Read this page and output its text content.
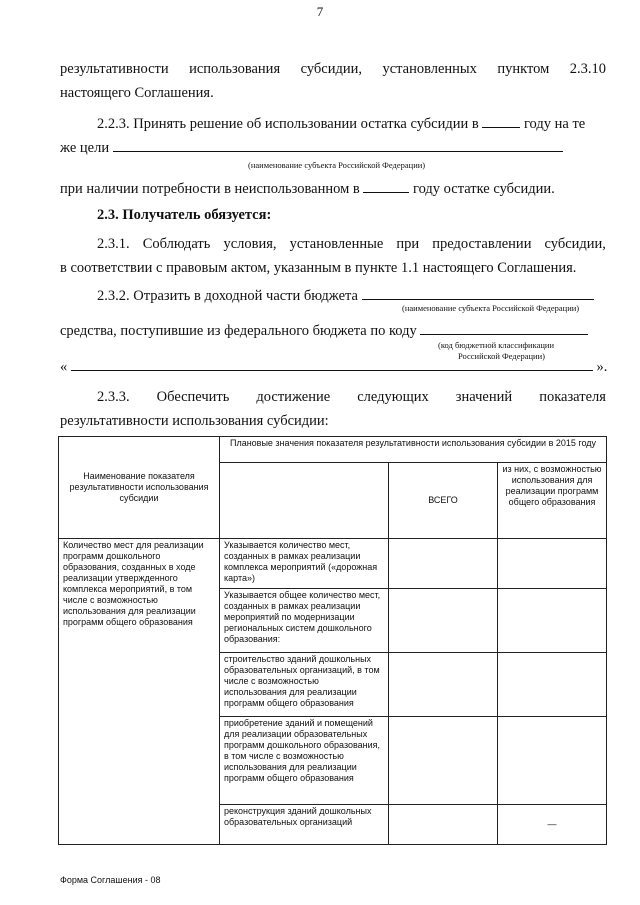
7
результативности использования субсидии, установленных пунктом 2.3.10
настоящего Соглашения.
2.2.3. Принять решение об использовании остатка субсидии в	году на те
же цели
(наименование субъекта Российской Федерации)
при наличии потребности в неиспользованном в	году остатке субсидии.
2.3. Получатель обязуется:
2.3.1. Соблюдать условия, установленные при предоставлении субсидии,
в соответствии с правовым актом, указанным в пункте 1.1 настоящего Соглашения.
2.3.2. Отразить в доходной части бюджета
(наименование субъекта Российской Федерации)
средства, поступившие из федерального бюджета по коду
(код бюджетной классификации
Российской Федерации)
«	».
2.3.3. Обеспечить достижение следующих значений показателя
результативности использования субсидии:
Наименование показателя результативности использования субсидии	Плановые значения показателя результативности использования субсидии в 2015 году		
		ВСЕГО	из них, с возможностью использования для реализации программ общего образования
Количество мест для реализации программ дошкольного образования, созданных в ходе реализации утвержденного комплекса мероприятий, в том числе с возможностью использования для реализации программ общего образования	Указывается количество мест, созданных в рамках реализации комплекса мероприятий («дорожная карта»)		
	Указывается общее количество мест, созданных в рамках реализации мероприятий по модернизации региональных систем дошкольного образования:		
	строительство зданий дошкольных образовательных организаций, в том числе с возможностью использования для реализации программ общего образования		
	приобретение зданий и помещений для реализации образовательных программ дошкольного образования, в том числе с возможностью использования для реализации программ общего образования		
	реконструкция зданий дошкольных образовательных организаций		—
Форма Соглашения - 08
